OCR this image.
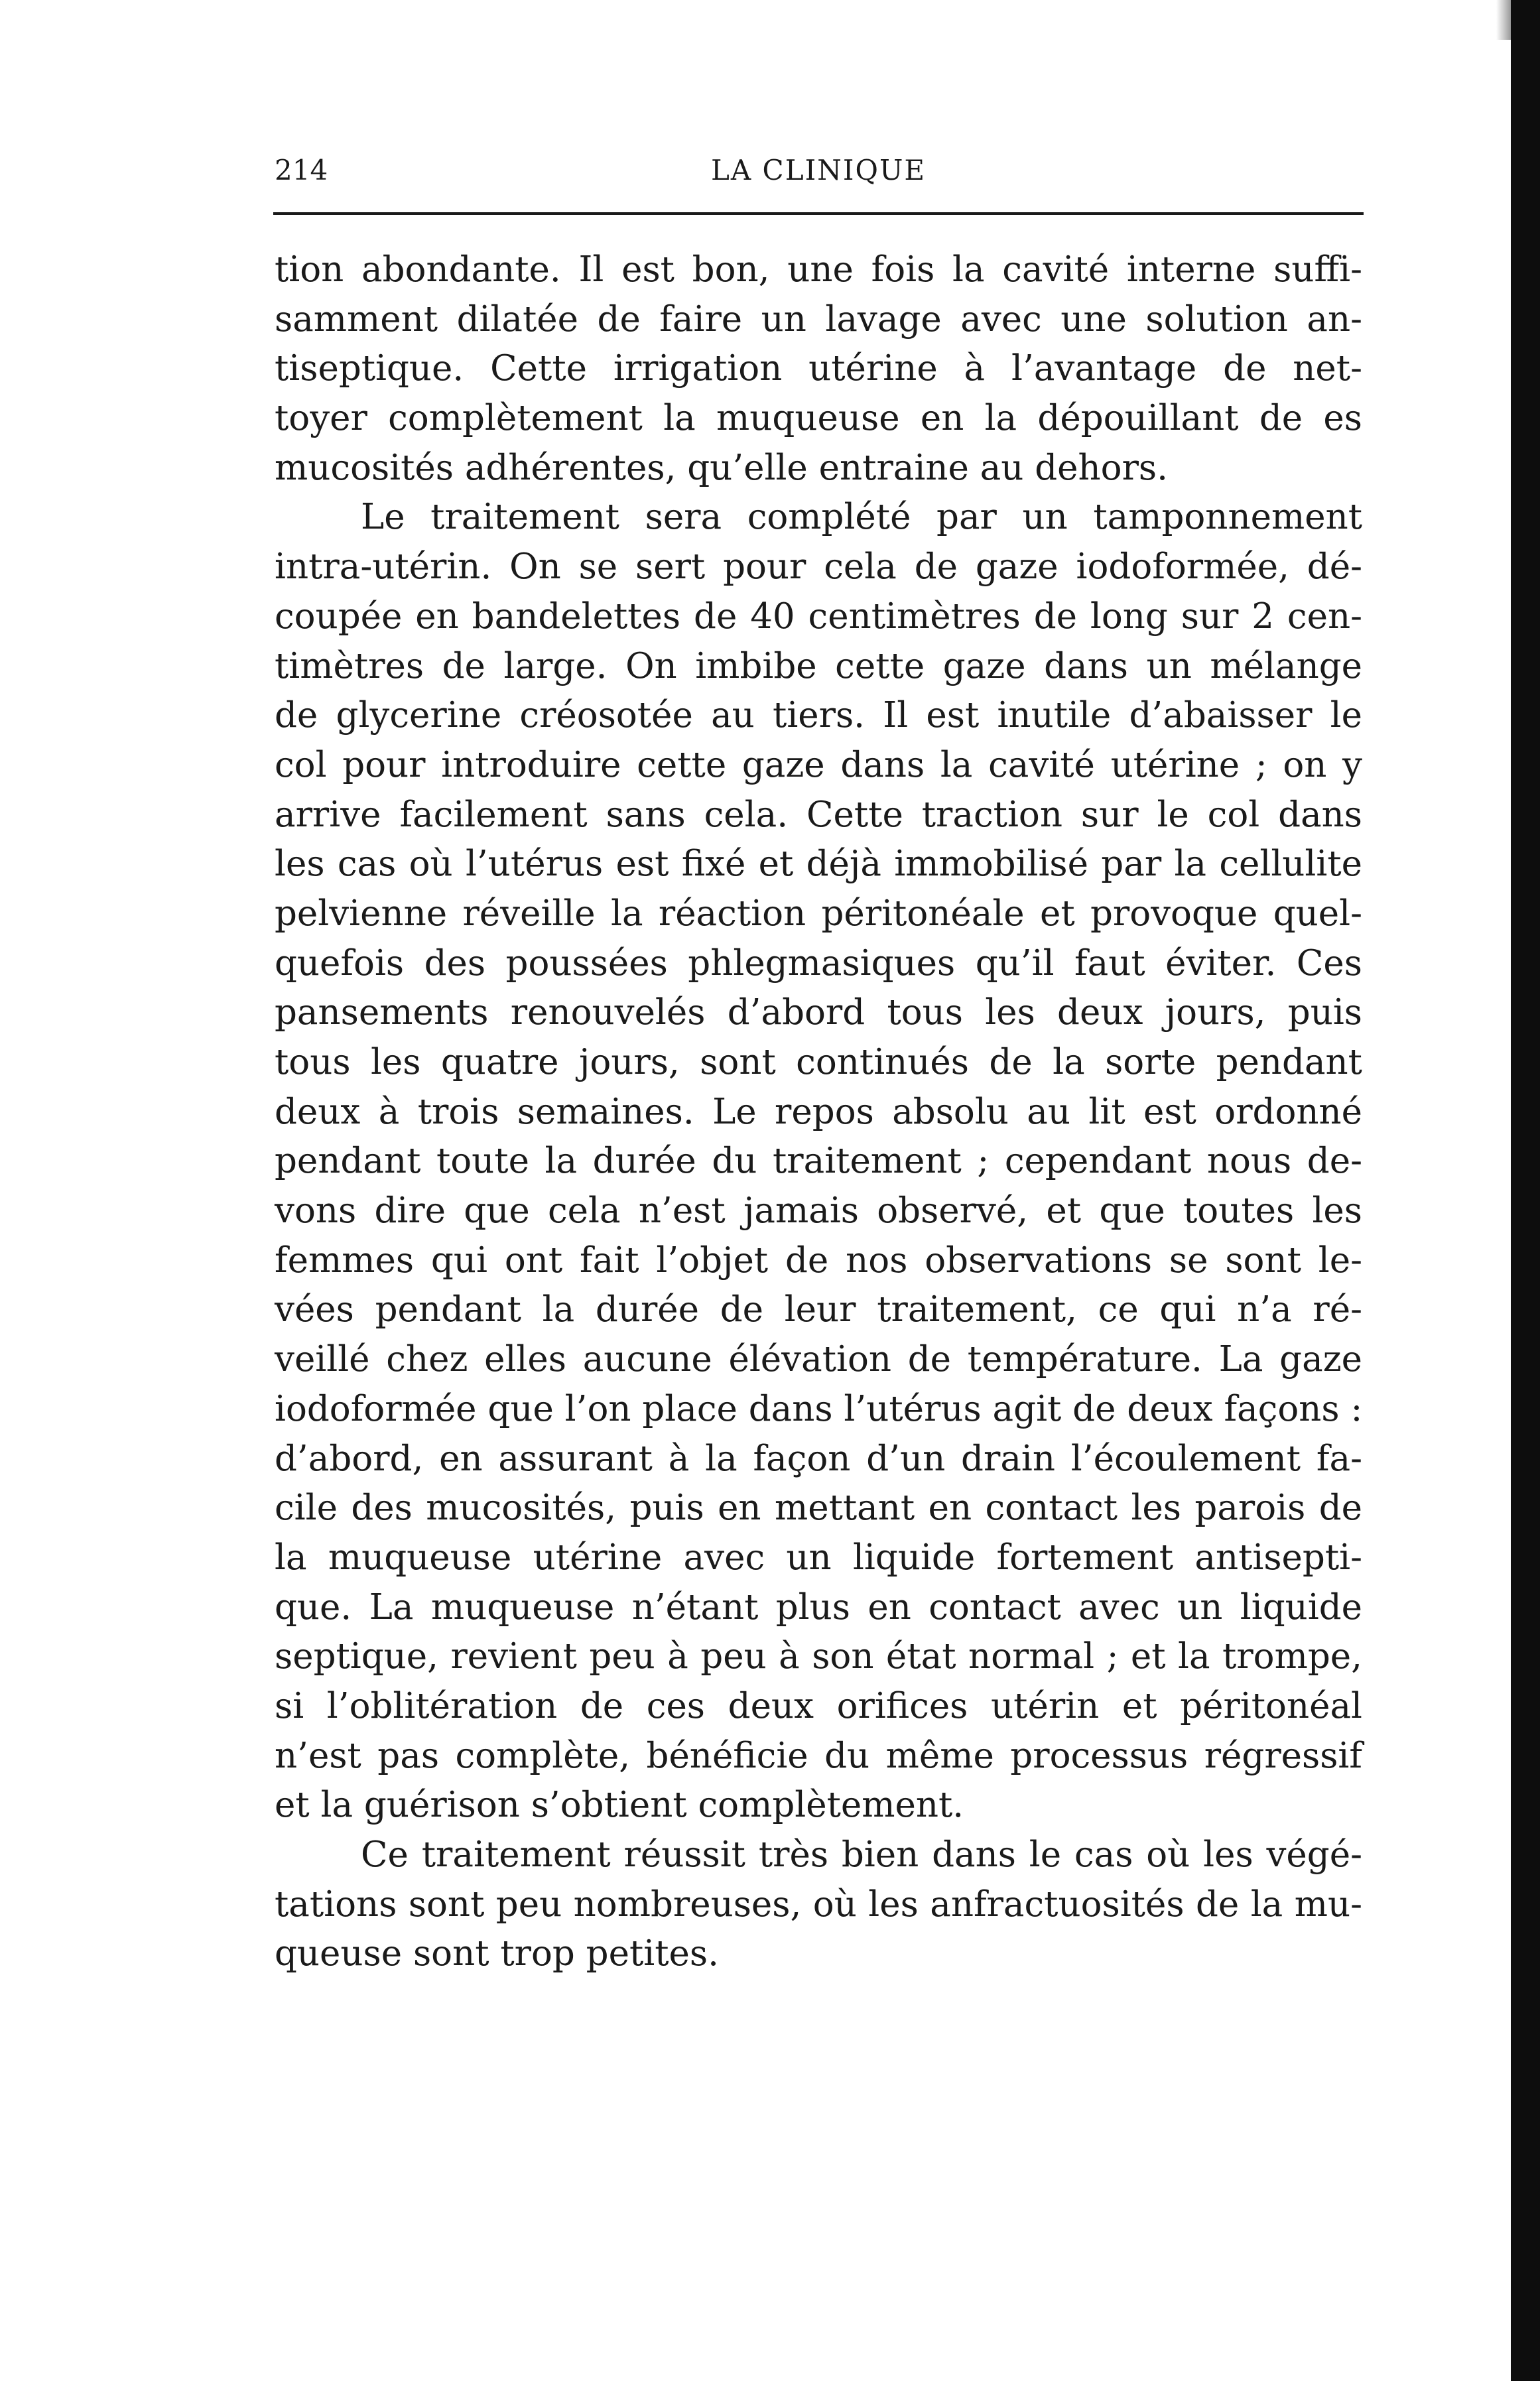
214	LA CLINIQUE
tion abondante. Il est bon, une fois la cavité interne suffi-
samment dilatée de faire un lavage avec une solution an-
tiseptique. Cette irrigation utérine à l’avantage de net-
toyer complètement la muqueuse en la dépouillant de es
mucosités adhérentes, qu’elle entraine au dehors.
Le traitement sera complété par un tamponnement
intra-utérin. On se sert pour cela de gaze iodoformée, dé-
coupée en bandelettes de 40 centimètres de long sur 2 cen-
timètres de large. On imbibe cette gaze dans un mélange
de glycerine créosotée au tiers. Il est inutile d’abaisser le
col pour introduire cette gaze dans la cavité utérine ; on y
arrive facilement sans cela. Cette traction sur le col dans
les cas où l’utérus est fixé et déjà immobilisé par la cellulite
pelvienne réveille la réaction péritonéale et provoque quel-
quefois des poussées phlegmasiques qu’il faut éviter. Ces
pansements renouvelés d’abord tous les deux jours, puis
tous les quatre jours, sont continués de la sorte pendant
deux à trois semaines. Le repos absolu au lit est ordonné
pendant toute la durée du traitement ; cependant nous de-
vons dire que cela n’est jamais observé, et que toutes les
femmes qui ont fait l’objet de nos observations se sont le-
vées pendant la durée de leur traitement, ce qui n’a ré-
veillé chez elles aucune élévation de température. La gaze
iodoformée que l’on place dans l’utérus agit de deux façons :
d’abord, en assurant à la façon d’un drain l’écoulement fa-
cile des mucosités, puis en mettant en contact les parois de
la muqueuse utérine avec un liquide fortement antisepti-
que. La muqueuse n’étant plus en contact avec un liquide
septique, revient peu à peu à son état normal ; et la trompe,
si l’oblitération de ces deux orifices utérin et péritonéal
n’est pas complète, bénéficie du même processus régressif
et la guérison s’obtient complètement.
Ce traitement réussit très bien dans le cas où les végé-
tations sont peu nombreuses, où les anfractuosités de la mu-
queuse sont trop petites.
